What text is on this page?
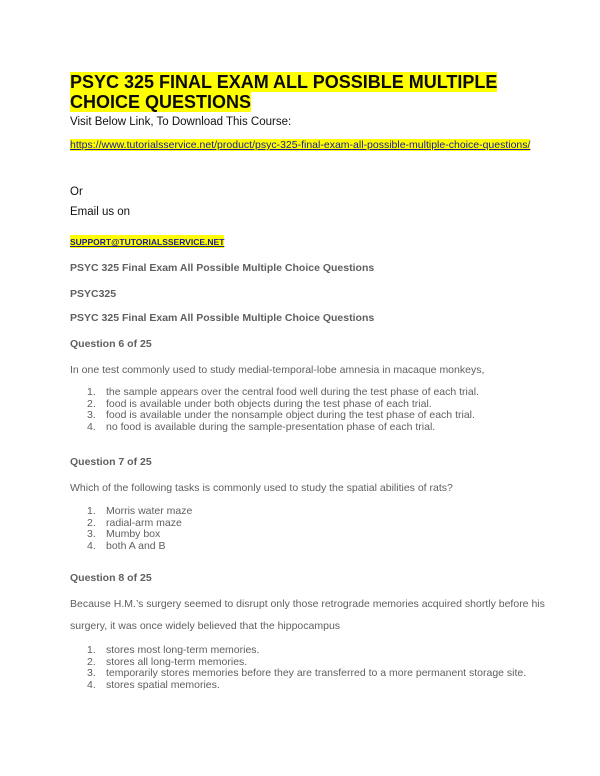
PSYC 325 FINAL EXAM ALL POSSIBLE MULTIPLE CHOICE QUESTIONS
Visit Below Link, To Download This Course:
https://www.tutorialsservice.net/product/psyc-325-final-exam-all-possible-multiple-choice-questions/
Or
Email us on
SUPPORT@TUTORIALSSERVICE.NET
PSYC 325 Final Exam All Possible Multiple Choice Questions
PSYC325
PSYC 325 Final Exam All Possible Multiple Choice Questions
Question 6 of 25
In one test commonly used to study medial-temporal-lobe amnesia in macaque monkeys,
1. the sample appears over the central food well during the test phase of each trial.
2. food is available under both objects during the test phase of each trial.
3. food is available under the nonsample object during the test phase of each trial.
4. no food is available during the sample-presentation phase of each trial.
Question 7 of 25
Which of the following tasks is commonly used to study the spatial abilities of rats?
1. Morris water maze
2. radial-arm maze
3. Mumby box
4. both A and B
Question 8 of 25
Because H.M.’s surgery seemed to disrupt only those retrograde memories acquired shortly before his
surgery, it was once widely believed that the hippocampus
1. stores most long-term memories.
2. stores all long-term memories.
3. temporarily stores memories before they are transferred to a more permanent storage site.
4. stores spatial memories.
